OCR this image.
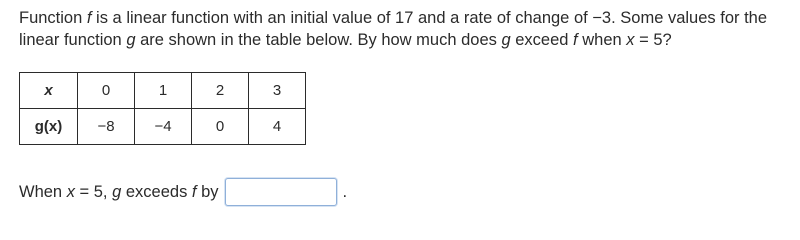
Function f is a linear function with an initial value of 17 and a rate of change of −3. Some values for the linear function g are shown in the table below. By how much does g exceed f when x = 5?

x	0	1	2	3
g(x)	−8	−4	0	4
When x = 5, g exceeds f by	.
